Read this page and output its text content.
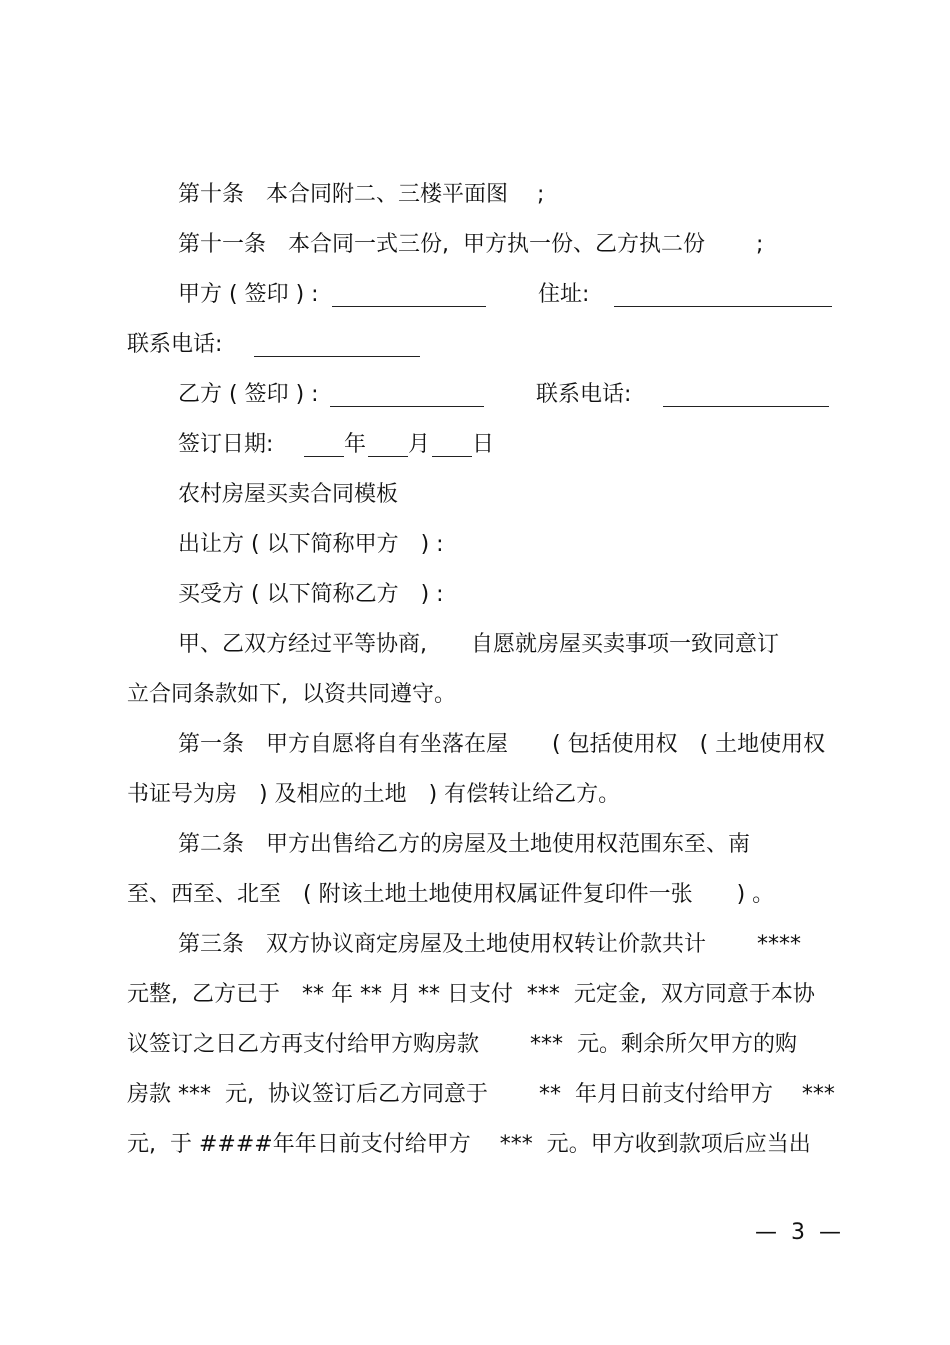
第十条　本合同附二、三楼平面图　 ;
第十一条　本合同一式三份,  甲方执一份、乙方执二份　　 ;
甲方 ( 签印 ) :	住址:
联系电话:
乙方 ( 签印 ) :	联系电话:
签订日期:	年 月 日
农村房屋买卖合同模板
出让方 ( 以下简称甲方　) :
买受方 ( 以下简称乙方　) :
甲、乙双方经过平等协商,　　自愿就房屋买卖事项一致同意订
立合同条款如下,  以资共同遵守。
第一条　甲方自愿将自有坐落在屋　　( 包括使用权　( 土地使用权
书证号为房　) 及相应的土地　) 有偿转让给乙方。
第二条　甲方出售给乙方的房屋及土地使用权范围东至、南
至、西至、北至　( 附该土地土地使用权属证件复印件一张　　) 。
第三条　双方协议商定房屋及土地使用权转让价款共计　　 ****
元整,  乙方已于　** 年 ** 月 ** 日支付  ***  元定金,  双方同意于本协
议签订之日乙方再支付给甲方购房款　　 ***  元。剩余所欠甲方的购
房款 ***  元,  协议签订后乙方同意于　　 **  年月日前支付给甲方　 ***
元,  于 ####年年日前支付给甲方　 ***  元。甲方收到款项后应当出
—  3  —
